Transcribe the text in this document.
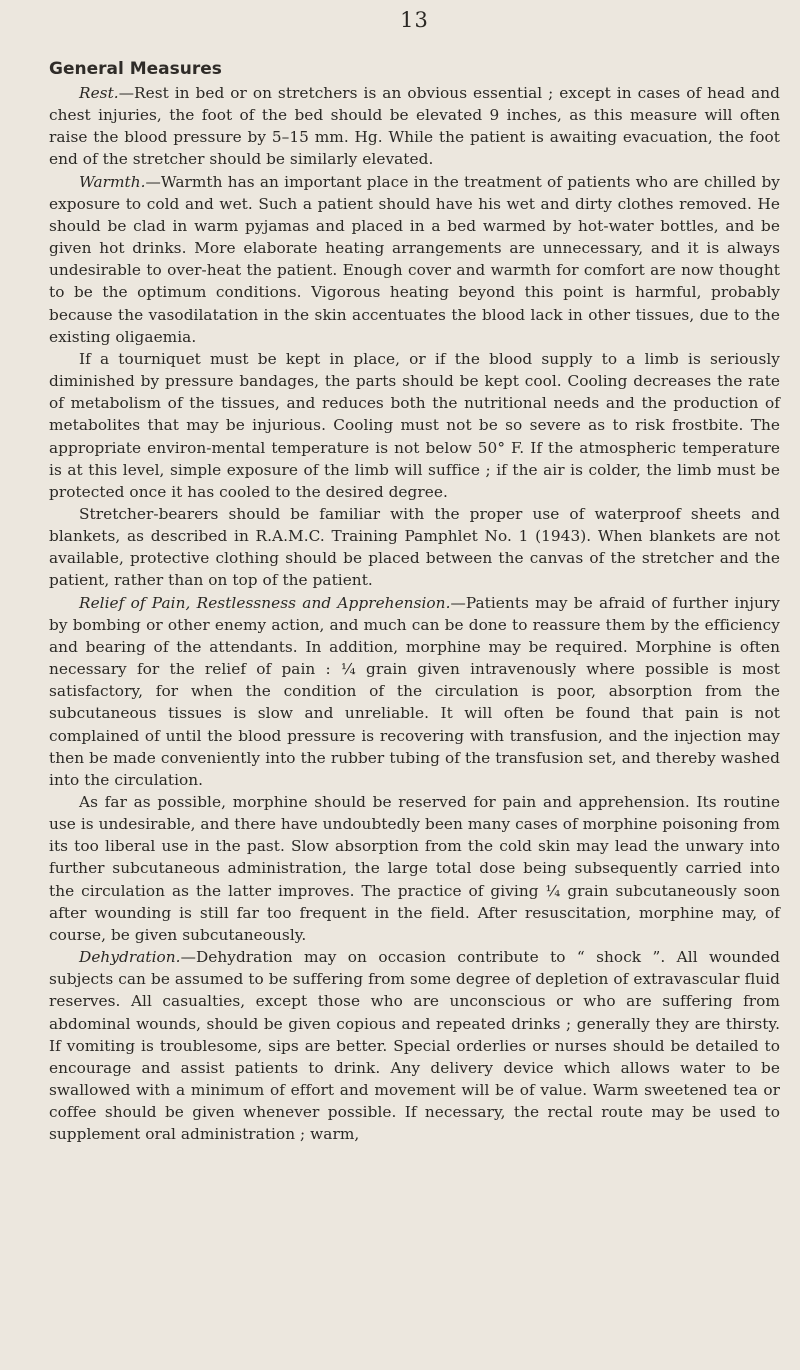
13
General Measures

Rest.—Rest in bed or on stretchers is an obvious essential ; except in cases of head and chest injuries, the foot of the bed should be elevated 9 inches, as this measure will often raise the blood pressure by 5–15 mm. Hg. While the patient is awaiting evacuation, the foot end of the stretcher should be similarly elevated.

Warmth.—Warmth has an important place in the treatment of patients who are chilled by exposure to cold and wet. Such a patient should have his wet and dirty clothes removed. He should be clad in warm pyjamas and placed in a bed warmed by hot-water bottles, and be given hot drinks. More elaborate heating arrangements are unnecessary, and it is always undesirable to over-heat the patient. Enough cover and warmth for comfort are now thought to be the optimum conditions. Vigorous heating beyond this point is harmful, probably because the vasodilatation in the skin accentuates the blood lack in other tissues, due to the existing oligaemia.

If a tourniquet must be kept in place, or if the blood supply to a limb is seriously diminished by pressure bandages, the parts should be kept cool. Cooling decreases the rate of metabolism of the tissues, and reduces both the nutritional needs and the production of metabolites that may be injurious. Cooling must not be so severe as to risk frostbite. The appropriate environ-mental temperature is not below 50° F. If the atmospheric temperature is at this level, simple exposure of the limb will suffice ; if the air is colder, the limb must be protected once it has cooled to the desired degree.

Stretcher-bearers should be familiar with the proper use of waterproof sheets and blankets, as described in R.A.M.C. Training Pamphlet No. 1 (1943). When blankets are not available, protective clothing should be placed between the canvas of the stretcher and the patient, rather than on top of the patient.

Relief of Pain, Restlessness and Apprehension.—Patients may be afraid of further injury by bombing or other enemy action, and much can be done to reassure them by the efficiency and bearing of the attendants. In addition, morphine may be required. Morphine is often necessary for the relief of pain : ¼ grain given intravenously where possible is most satisfactory, for when the condition of the circulation is poor, absorption from the subcutaneous tissues is slow and unreliable. It will often be found that pain is not complained of until the blood pressure is recovering with transfusion, and the injection may then be made conveniently into the rubber tubing of the transfusion set, and thereby washed into the circulation.

As far as possible, morphine should be reserved for pain and apprehension. Its routine use is undesirable, and there have undoubtedly been many cases of morphine poisoning from its too liberal use in the past. Slow absorption from the cold skin may lead the unwary into further subcutaneous administration, the large total dose being subsequently carried into the circulation as the latter improves. The practice of giving ¼ grain subcutaneously soon after wounding is still far too frequent in the field. After resuscitation, morphine may, of course, be given subcutaneously.

Dehydration.—Dehydration may on occasion contribute to “ shock ”. All wounded subjects can be assumed to be suffering from some degree of depletion of extravascular fluid reserves. All casualties, except those who are unconscious or who are suffering from abdominal wounds, should be given copious and repeated drinks ; generally they are thirsty. If vomiting is troublesome, sips are better. Special orderlies or nurses should be detailed to encourage and assist patients to drink. Any delivery device which allows water to be swallowed with a minimum of effort and movement will be of value. Warm sweetened tea or coffee should be given whenever possible. If necessary, the rectal route may be used to supplement oral administration ; warm,
